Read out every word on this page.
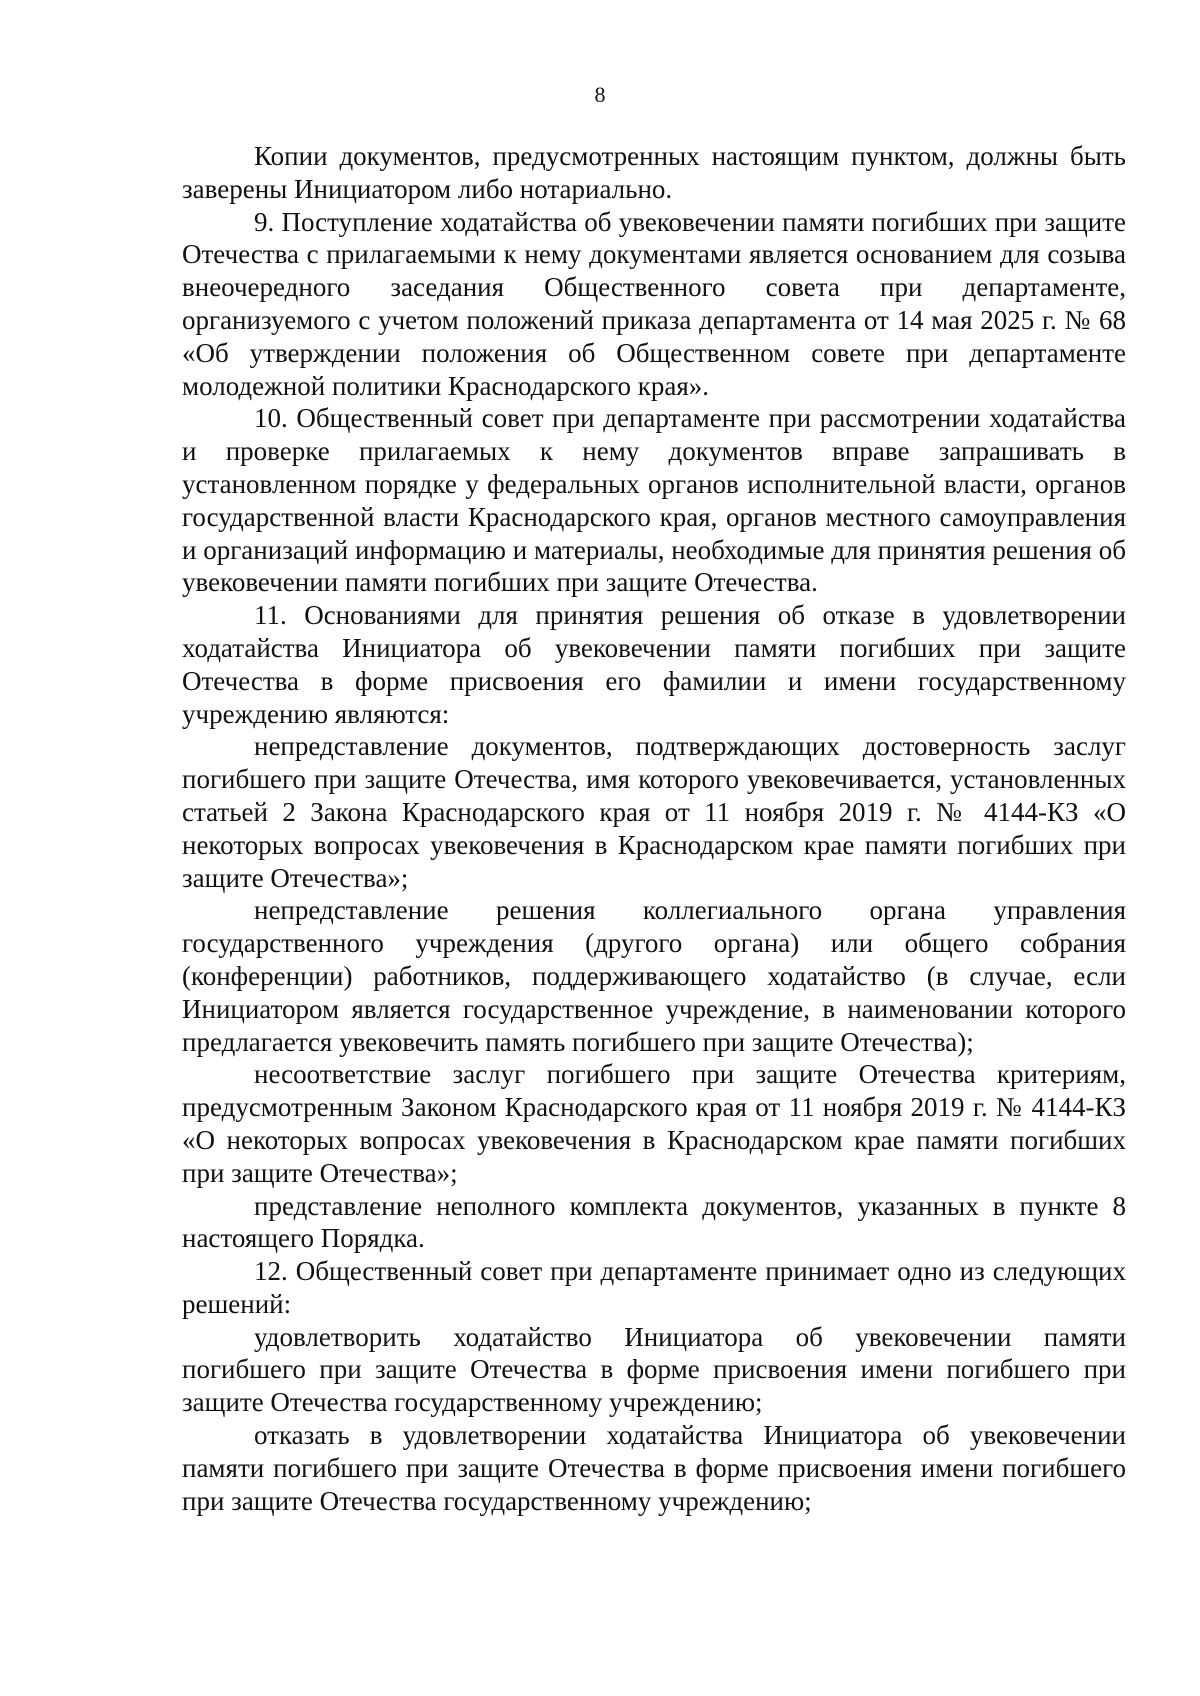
8

Копии документов, предусмотренных настоящим пунктом, должны быть заверены Инициатором либо нотариально.

9. Поступление ходатайства об увековечении памяти погибших при защите Отечества с прилагаемыми к нему документами является основанием для созыва внеочередного заседания Общественного совета при департаменте, организуемого с учетом положений приказа департамента от 14 мая 2025 г. № 68 «Об утверждении положения об Общественном совете при департаменте молодежной политики Краснодарского края».

10. Общественный совет при департаменте при рассмотрении ходатайства и проверке прилагаемых к нему документов вправе запрашивать в установленном порядке у федеральных органов исполнительной власти, органов государственной власти Краснодарского края, органов местного самоуправления и организаций информацию и материалы, необходимые для принятия решения об увековечении памяти погибших при защите Отечества.

11. Основаниями для принятия решения об отказе в удовлетворении ходатайства Инициатора об увековечении памяти погибших при защите Отечества в форме присвоения его фамилии и имени государственному учреждению являются:

непредставление документов, подтверждающих достоверность заслуг погибшего при защите Отечества, имя которого увековечивается, установленных статьей 2 Закона Краснодарского края от 11 ноября 2019 г. № 4144-КЗ «О некоторых вопросах увековечения в Краснодарском крае памяти погибших при защите Отечества»;

непредставление решения коллегиального органа управления государственного учреждения (другого органа) или общего собрания (конференции) работников, поддерживающего ходатайство (в случае, если Инициатором является государственное учреждение, в наименовании которого предлагается увековечить память погибшего при защите Отечества);

несоответствие заслуг погибшего при защите Отечества критериям, предусмотренным Законом Краснодарского края от 11 ноября 2019 г. № 4144-КЗ «О некоторых вопросах увековечения в Краснодарском крае памяти погибших при защите Отечества»;

представление неполного комплекта документов, указанных в пункте 8 настоящего Порядка.

12. Общественный совет при департаменте принимает одно из следующих решений:

удовлетворить ходатайство Инициатора об увековечении памяти погибшего при защите Отечества в форме присвоения имени погибшего при защите Отечества государственному учреждению;

отказать в удовлетворении ходатайства Инициатора об увековечении памяти погибшего при защите Отечества в форме присвоения имени погибшего при защите Отечества государственному учреждению;
